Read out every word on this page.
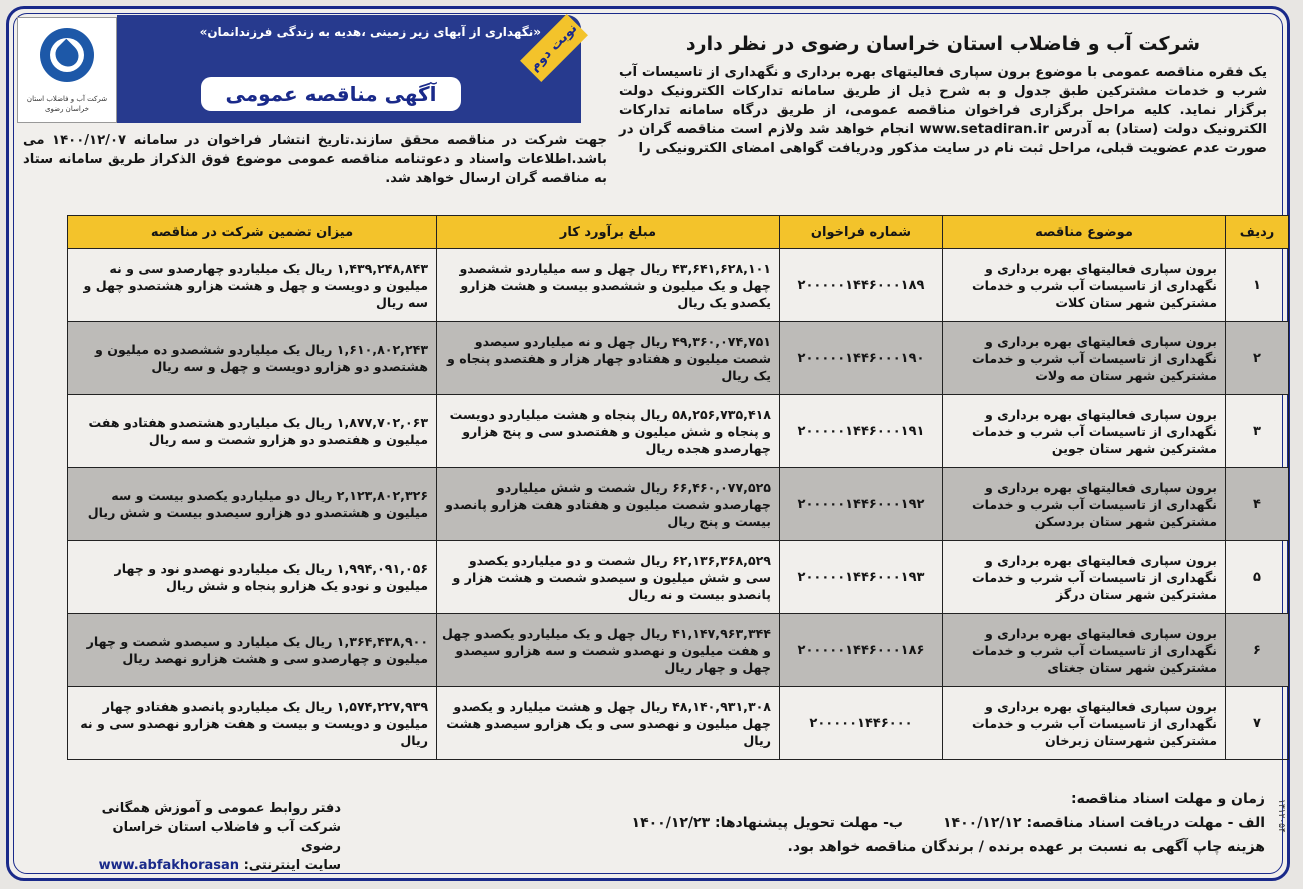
شرکت آب و فاضلاب استان خراسان رضوی
«نگهداری از آبهای زیر زمینی ،هدیه به زندگی فرزندانمان»
آگهی مناقصه عمومی
نوبت دوم	شرکت آب و فاضلاب استان خراسان رضوی در نظر دارد
یک فقره مناقصه عمومی با موضوع برون سپاری فعالیتهای بهره برداری و نگهداری از تاسیسات آب شرب و خدمات مشترکین طبق جدول و به شرح ذیل از طریق سامانه تدارکات الکترونیک دولت برگزار نماید. کلیه مراحل برگزاری فراخوان مناقصه عمومی، از طریق درگاه سامانه تدارکات الکترونیک دولت (ستاد) به آدرس www.setadiran.ir انجام خواهد شد ولازم است مناقصه گران در صورت عدم عضویت قبلی، مراحل ثبت نام در سایت مذکور ودریافت گواهی امضای الکترونیکی را
جهت شرکت در مناقصه محقق سازند.تاریخ انتشار فراخوان در سامانه ۱۴۰۰/۱۲/۰۷ می باشد.اطلاعات واسناد و دعوتنامه مناقصه عمومی موضوع فوق الذکراز طریق سامانه ستاد به مناقصه گران ارسال خواهد شد.
ردیف	موضوع مناقصه	شماره فراخوان	مبلغ برآورد کار	میزان تضمین شرکت در مناقصه
۱	برون سپاری فعالیتهای بهره برداری و نگهداری از تاسیسات آب شرب و خدمات مشترکین شهر ستان کلات	۲۰۰۰۰۰۱۴۴۶۰۰۰۱۸۹	۴۳,۶۴۱,۶۲۸,۱۰۱ ریال چهل و سه میلیاردو ششصدو چهل و یک میلیون و ششصدو بیست و هشت هزارو یکصدو یک ریال	۱,۴۳۹,۲۴۸,۸۴۳ ریال یک میلیاردو چهارصدو سی و نه میلیون و دویست و چهل و هشت هزارو هشتصدو چهل و سه ریال
۲	برون سپاری فعالیتهای بهره برداری و نگهداری از تاسیسات آب شرب و خدمات مشترکین شهر ستان مه ولات	۲۰۰۰۰۰۱۴۴۶۰۰۰۱۹۰	۴۹,۳۶۰,۰۷۴,۷۵۱ ریال چهل و نه میلیاردو سیصدو شصت میلیون و هفتادو چهار هزار و هفتصدو پنجاه و یک ریال	۱,۶۱۰,۸۰۲,۲۴۳ ریال یک میلیاردو ششصدو ده میلیون و هشتصدو دو هزارو دویست و چهل و سه ریال
۳	برون سپاری فعالیتهای بهره برداری و نگهداری از تاسیسات آب شرب و خدمات مشترکین شهر ستان جوین	۲۰۰۰۰۰۱۴۴۶۰۰۰۱۹۱	۵۸,۲۵۶,۷۳۵,۴۱۸ ریال پنجاه و هشت میلیاردو دویست و پنجاه و شش میلیون و هفتصدو سی و پنج هزارو چهارصدو هجده ریال	۱,۸۷۷,۷۰۲,۰۶۳ ریال یک میلیاردو هشتصدو هفتادو هفت میلیون و هفتصدو دو هزارو شصت و سه ریال
۴	برون سپاری فعالیتهای بهره برداری و نگهداری از تاسیسات آب شرب و خدمات مشترکین شهر ستان بردسکن	۲۰۰۰۰۰۱۴۴۶۰۰۰۱۹۲	۶۶,۴۶۰,۰۷۷,۵۲۵ ریال شصت و شش میلیاردو چهارصدو شصت میلیون و هفتادو هفت هزارو پانصدو بیست و پنج ریال	۲,۱۲۳,۸۰۲,۳۲۶ ریال دو میلیاردو یکصدو بیست و سه میلیون و هشتصدو دو هزارو سیصدو بیست و شش ریال
۵	برون سپاری فعالیتهای بهره برداری و نگهداری از تاسیسات آب شرب و خدمات مشترکین شهر ستان درگز	۲۰۰۰۰۰۱۴۴۶۰۰۰۱۹۳	۶۲,۱۳۶,۳۶۸,۵۲۹ ریال شصت و دو میلیاردو یکصدو سی و شش میلیون و سیصدو شصت و هشت هزار و پانصدو بیست و نه ریال	۱,۹۹۴,۰۹۱,۰۵۶ ریال یک میلیاردو نهصدو نود و چهار میلیون و نودو یک هزارو پنجاه و شش ریال
۶	برون سپاری فعالیتهای بهره برداری و نگهداری از تاسیسات آب شرب و خدمات مشترکین شهر ستان جغتای	۲۰۰۰۰۰۱۴۴۶۰۰۰۱۸۶	۴۱,۱۴۷,۹۶۳,۳۴۴ ریال چهل و یک میلیاردو یکصدو چهل و هفت میلیون و نهصدو شصت و سه هزارو سیصدو چهل و چهار ریال	۱,۳۶۴,۴۳۸,۹۰۰ ریال یک میلیارد و سیصدو شصت و چهار میلیون و چهارصدو سی و هشت هزارو نهصد ریال
۷	برون سپاری فعالیتهای بهره برداری و نگهداری از تاسیسات آب شرب و خدمات مشترکین شهرستان زبرخان	۲۰۰۰۰۰۱۴۴۶۰۰۰	۴۸,۱۴۰,۹۳۱,۳۰۸ ریال چهل و هشت میلیارد و یکصدو چهل میلیون و نهصدو سی و یک هزارو سیصدو هشت ریال	۱,۵۷۴,۲۲۷,۹۳۹ ریال یک میلیاردو پانصدو هفتادو چهار میلیون و دویست و بیست و هفت هزارو نهصدو سی و نه ریال
زمان و مهلت اسناد مناقصه:
الف - مهلت دریافت اسناد مناقصه: ۱۴۰۰/۱۲/۱۲
ب- مهلت تحویل پیشنهادها: ۱۴۰۰/۱۲/۲۳
هزینه چاپ آگهی به نسبت بر عهده برنده / برندگان مناقصه خواهد بود.
دفتر روابط عمومی و آموزش همگانی
شرکت آب و فاضلاب استان خراسان رضوی
سایت اینترنتی: www.abfakhorasan
۱۳۱۲۰۵۴
